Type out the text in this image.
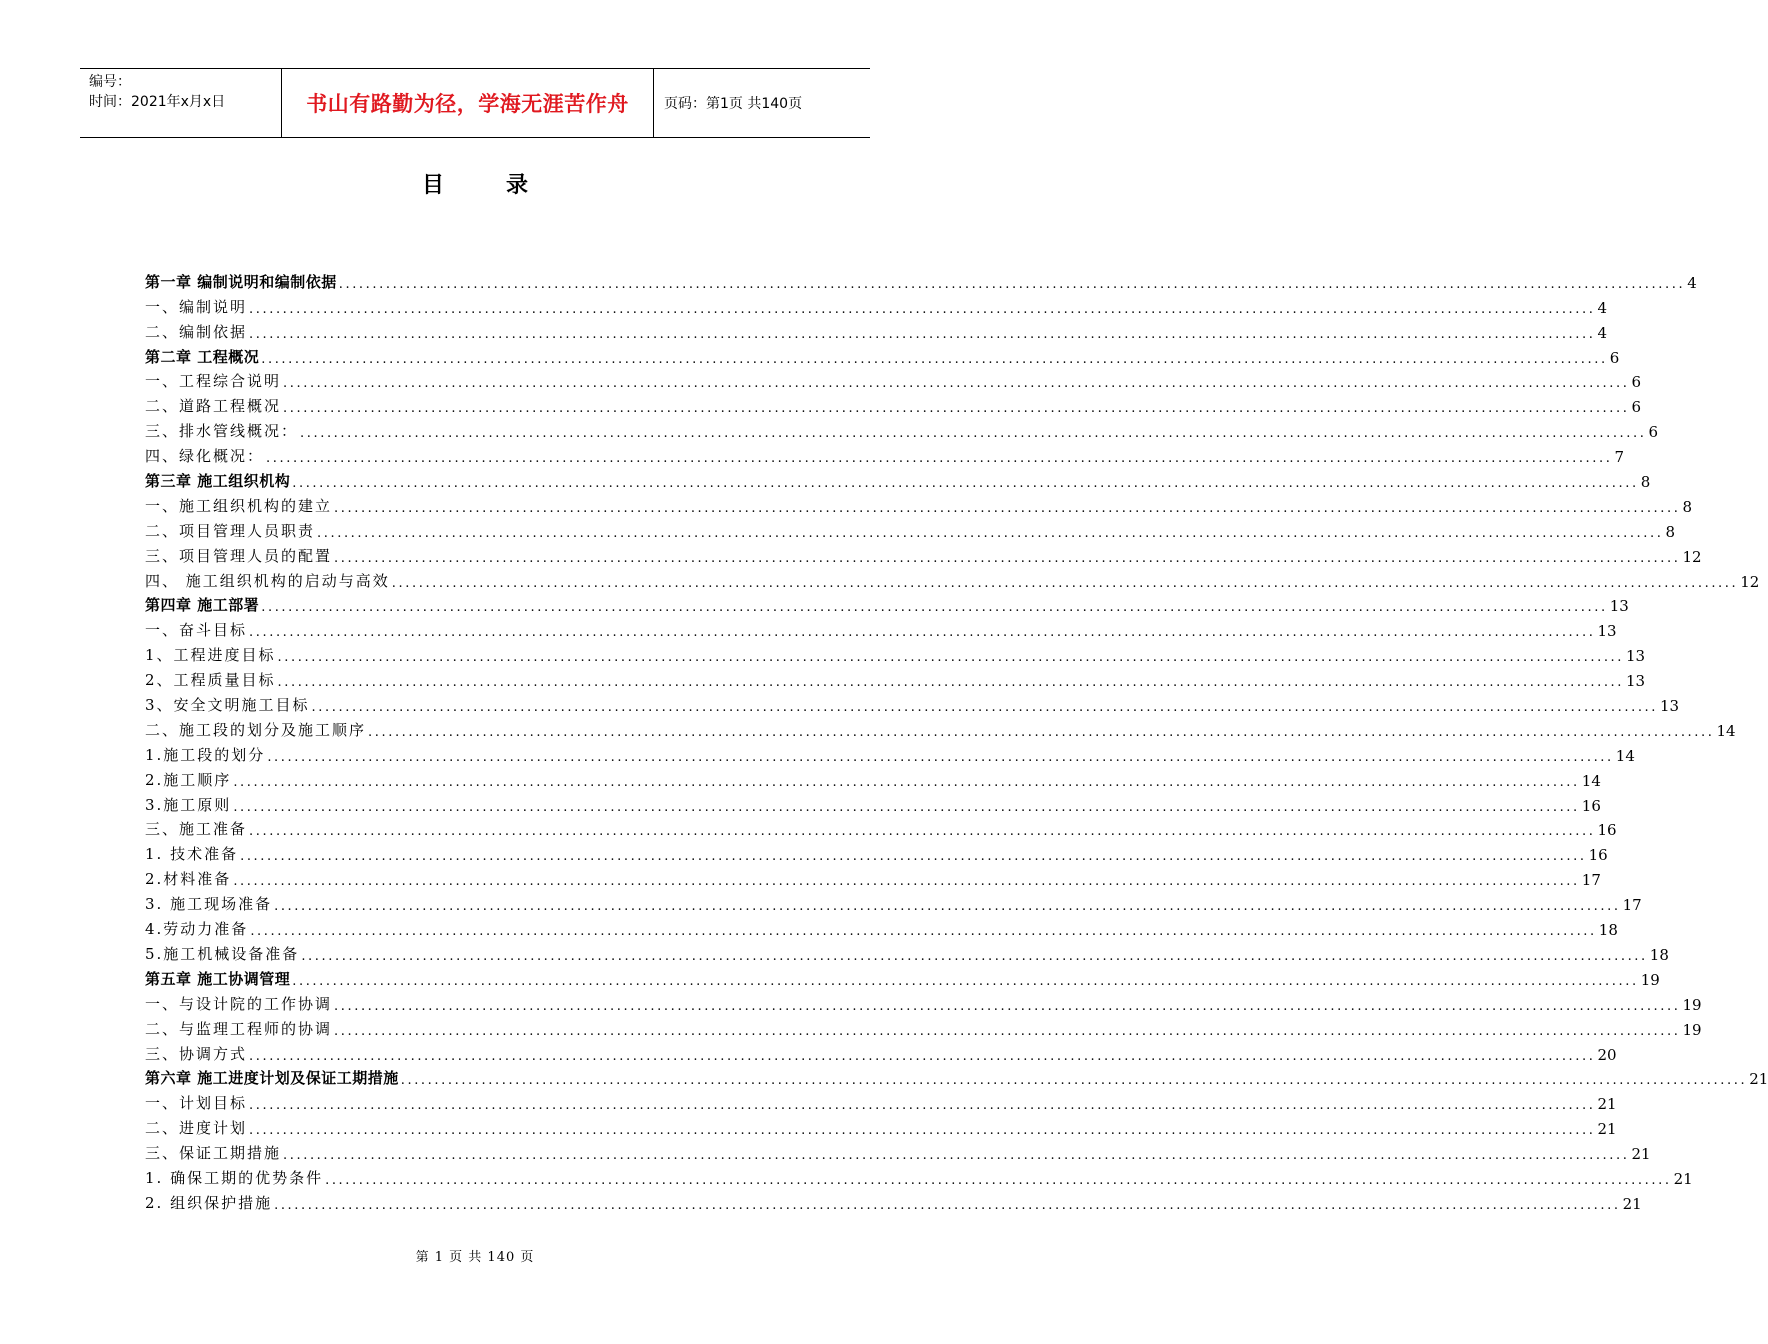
编号：
时间：2021年x月x日	书山有路勤为径，学海无涯苦作舟	页码：第1页 共140页
目录
第一章 编制说明和编制依据 ........................................................................................................................................................................................................ 4
一、编制说明 ........................................................................................................................................................................................................ 4
二、编制依据 ........................................................................................................................................................................................................ 4
第二章 工程概况 ........................................................................................................................................................................................................ 6
一、工程综合说明 ........................................................................................................................................................................................................ 6
二、道路工程概况 ........................................................................................................................................................................................................ 6
三、排水管线概况： ........................................................................................................................................................................................................ 6
四、绿化概况： ........................................................................................................................................................................................................ 7
第三章 施工组织机构 ........................................................................................................................................................................................................ 8
一、施工组织机构的建立 ........................................................................................................................................................................................................ 8
二、项目管理人员职责 ........................................................................................................................................................................................................ 8
三、项目管理人员的配置 ........................................................................................................................................................................................................ 12
四、 施工组织机构的启动与高效 ........................................................................................................................................................................................................ 12
第四章 施工部署 ........................................................................................................................................................................................................ 13
一、奋斗目标 ........................................................................................................................................................................................................ 13
1、工程进度目标 ........................................................................................................................................................................................................ 13
2、工程质量目标 ........................................................................................................................................................................................................ 13
3、安全文明施工目标 ........................................................................................................................................................................................................ 13
二、施工段的划分及施工顺序 ........................................................................................................................................................................................................ 14
1.施工段的划分 ........................................................................................................................................................................................................ 14
2.施工顺序 ........................................................................................................................................................................................................ 14
3.施工原则 ........................................................................................................................................................................................................ 16
三、施工准备 ........................................................................................................................................................................................................ 16
1. 技术准备 ........................................................................................................................................................................................................ 16
2.材料准备 ........................................................................................................................................................................................................ 17
3. 施工现场准备 ........................................................................................................................................................................................................ 17
4.劳动力准备 ........................................................................................................................................................................................................ 18
5.施工机械设备准备 ........................................................................................................................................................................................................ 18
第五章 施工协调管理 ........................................................................................................................................................................................................ 19
一、与设计院的工作协调 ........................................................................................................................................................................................................ 19
二、与监理工程师的协调 ........................................................................................................................................................................................................ 19
三、协调方式 ........................................................................................................................................................................................................ 20
第六章 施工进度计划及保证工期措施 ........................................................................................................................................................................................................ 21
一、计划目标 ........................................................................................................................................................................................................ 21
二、进度计划 ........................................................................................................................................................................................................ 21
三、保证工期措施 ........................................................................................................................................................................................................ 21
1. 确保工期的优势条件 ........................................................................................................................................................................................................ 21
2. 组织保护措施 ........................................................................................................................................................................................................ 21
第 1 页 共 140 页
